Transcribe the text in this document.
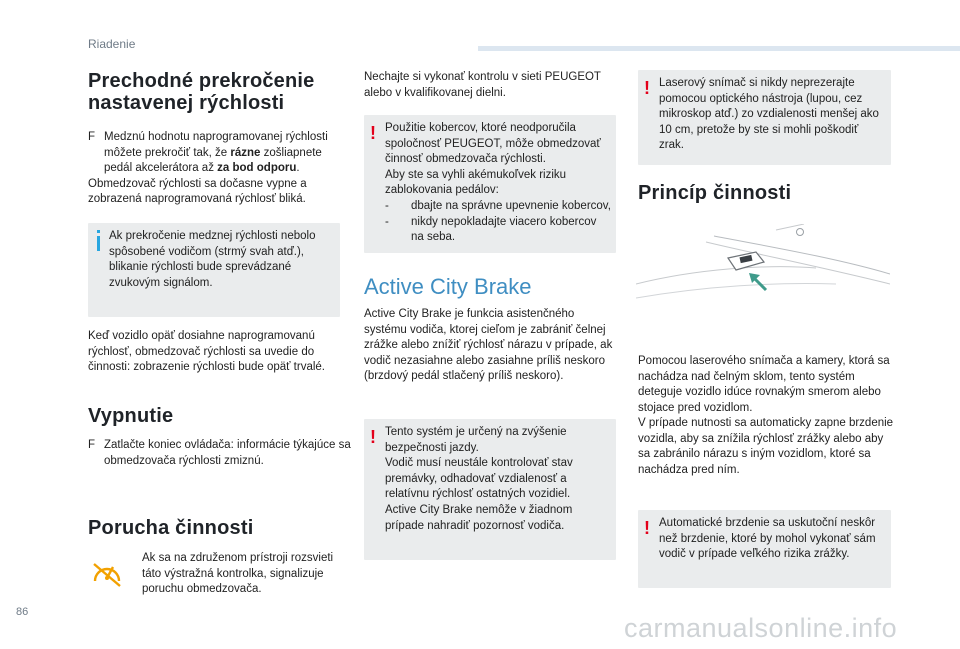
Riadenie
Prechodné prekročenie
nastavenej rýchlosti

F Medznú hodnotu naprogramovanej rýchlosti môžete prekročiť tak, že rázne zošliapnete pedál akcelerátora až za bod odporu.

Obmedzovač rýchlosti sa dočasne vypne a zobrazená naprogramovaná rýchlosť bliká.

Ak prekročenie medznej rýchlosti nebolo spôsobené vodičom (strmý svah atď.), blikanie rýchlosti bude sprevádzané zvukovým signálom.

Keď vozidlo opäť dosiahne naprogramovanú rýchlosť, obmedzovač rýchlosti sa uvedie do činnosti: zobrazenie rýchlosti bude opäť trvalé.

Vypnutie

F Zatlačte koniec ovládača: informácie týkajúce sa obmedzovača rýchlosti zmiznú.

Porucha činnosti

Ak sa na združenom prístroji rozsvieti táto výstražná kontrolka, signalizuje poruchu obmedzovača.

Nechajte si vykonať kontrolu v sieti PEUGEOT alebo v kvalifikovanej dielni.

! Použitie kobercov, ktoré neodporučila spoločnosť PEUGEOT, môže obmedzovať činnosť obmedzovača rýchlosti.

Aby ste sa vyhli akémukoľvek riziku zablokovania pedálov:

-	dbajte na správne upevnenie kobercov,

-	nikdy nepokladajte viacero kobercov na seba.

Active City Brake

Active City Brake je funkcia asistenčného systému vodiča, ktorej cieľom je zabrániť čelnej zrážke alebo znížiť rýchlosť nárazu v prípade, ak vodič nezasiahne alebo zasiahne príliš neskoro (brzdový pedál stlačený príliš neskoro).

! Tento systém je určený na zvýšenie bezpečnosti jazdy.

Vodič musí neustále kontrolovať stav premávky, odhadovať vzdialenosť a relatívnu rýchlosť ostatných vozidiel.

Active City Brake nemôže v žiadnom prípade nahradiť pozornosť vodiča.

! Laserový snímač si nikdy neprezerajte pomocou optického nástroja (lupou, cez mikroskop atď.) zo vzdialenosti menšej ako 10 cm, pretože by ste si mohli poškodiť zrak.

Princíp činnosti

Pomocou laserového snímača a kamery, ktorá sa nachádza nad čelným sklom, tento systém deteguje vozidlo idúce rovnakým smerom alebo stojace pred vozidlom.

V prípade nutnosti sa automaticky zapne brzdenie vozidla, aby sa znížila rýchlosť zrážky alebo aby sa zabránilo nárazu s iným vozidlom, ktoré sa nachádza pred ním.

! Automatické brzdenie sa uskutoční neskôr než brzdenie, ktoré by mohol vykonať sám vodič v prípade veľkého rizika zrážky.

86
carmanualsonline.info
